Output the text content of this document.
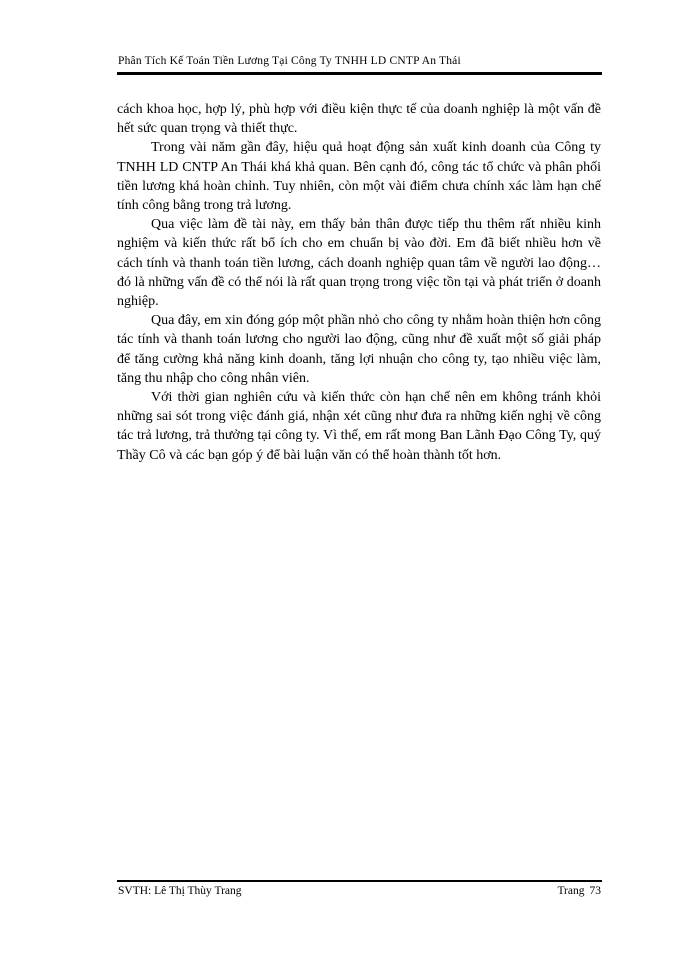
Phân Tích Kế Toán Tiền Lương Tại Công Ty TNHH LD CNTP An Thái

cách khoa học, hợp lý, phù hợp với điều kiện thực tế của doanh nghiệp là một vấn đề hết sức quan trọng và thiết thực.

Trong vài năm gần đây, hiệu quả hoạt động sản xuất kinh doanh của Công ty TNHH LD CNTP An Thái khá khả quan. Bên cạnh đó, công tác tổ chức và phân phối tiền lương khá hoàn chỉnh. Tuy nhiên, còn một vài điểm chưa chính xác làm hạn chế tính công bằng trong trả lương.

Qua việc làm đề tài này, em thấy bản thân được tiếp thu thêm rất nhiều kinh nghiệm và kiến thức rất bổ ích cho em chuẩn bị vào đời. Em đã biết nhiều hơn về cách tính và thanh toán tiền lương, cách doanh nghiệp quan tâm về người lao động…đó là những vấn đề có thể nói là rất quan trọng trong việc tồn tại và phát triển ở doanh nghiệp.

Qua đây, em xin đóng góp một phần nhỏ cho công ty nhằm hoàn thiện hơn công tác tính và thanh toán lương cho người lao động, cũng như đề xuất một số giải pháp để tăng cường khả năng kinh doanh, tăng lợi nhuận cho công ty, tạo nhiều việc làm, tăng thu nhập cho công nhân viên.

Với thời gian nghiên cứu và kiến thức còn hạn chế nên em không tránh khỏi những sai sót trong việc đánh giá, nhận xét cũng như đưa ra những kiến nghị về công tác trả lương, trả thưởng tại công ty. Vì thế, em rất mong Ban Lãnh Đạo Công Ty, quý Thầy Cô và các bạn góp ý để bài luận văn có thể hoàn thành tốt hơn.

SVTH: Lê Thị Thùy Trang	Trang 73
